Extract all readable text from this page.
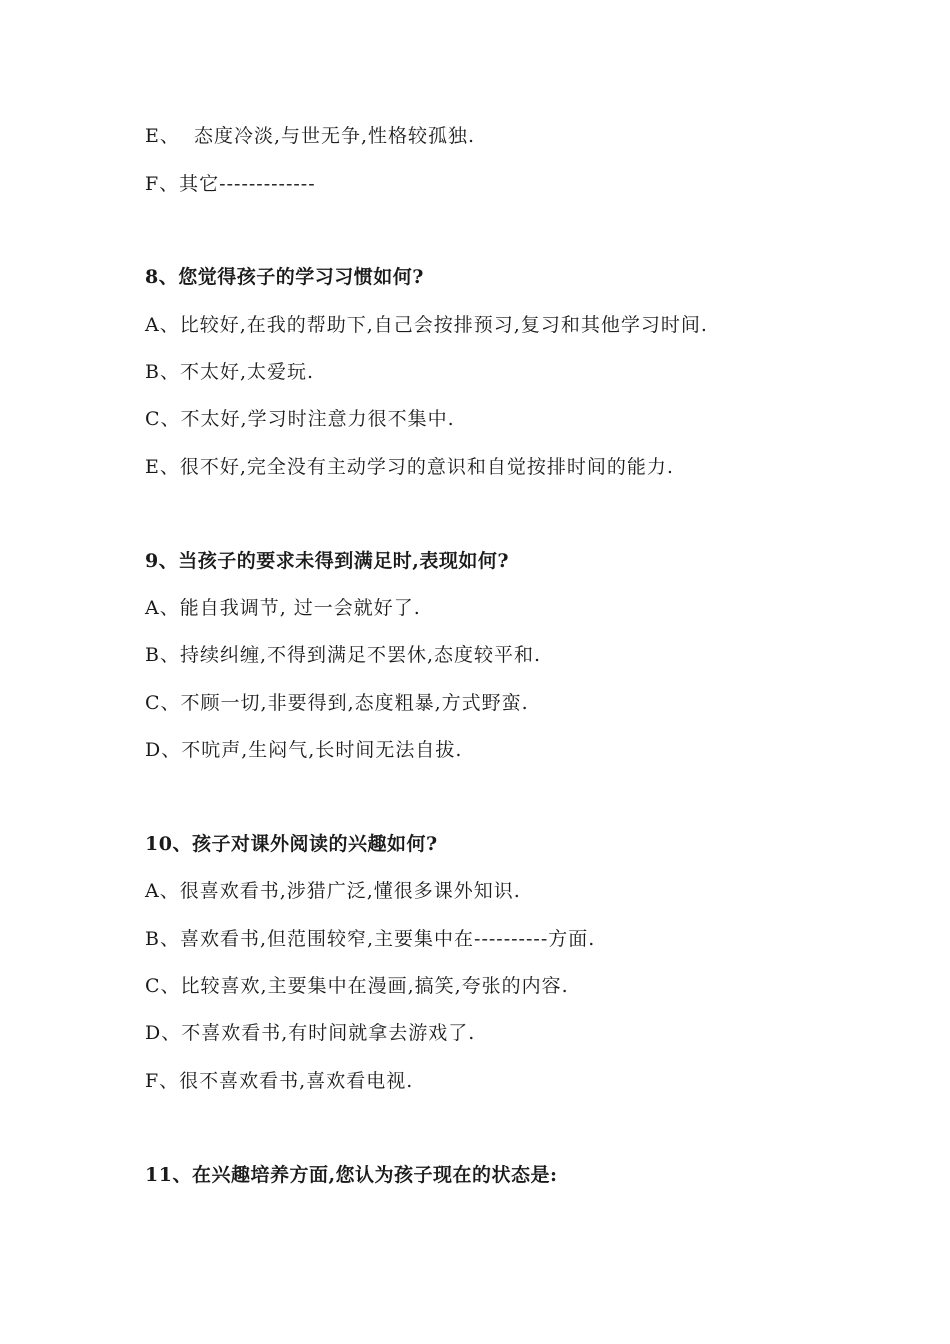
E、  态度冷淡,与世无争,性格较孤独.
F、其它-------------
8、您觉得孩子的学习习惯如何?
A、比较好,在我的帮助下,自己会按排预习,复习和其他学习时间.
B、不太好,太爱玩.
C、不太好,学习时注意力很不集中.
E、很不好,完全没有主动学习的意识和自觉按排时间的能力.
9、当孩子的要求未得到满足时,表现如何?
A、能自我调节, 过一会就好了.
B、持续纠缠,不得到满足不罢休,态度较平和.
C、不顾一切,非要得到,态度粗暴,方式野蛮.
D、不吭声,生闷气,长时间无法自拔.
10、孩子对课外阅读的兴趣如何?
A、很喜欢看书,涉猎广泛,懂很多课外知识.
B、喜欢看书,但范围较窄,主要集中在----------方面.
C、比较喜欢,主要集中在漫画,搞笑,夸张的内容.
D、不喜欢看书,有时间就拿去游戏了.
F、很不喜欢看书,喜欢看电视.
11、在兴趣培养方面,您认为孩子现在的状态是:
